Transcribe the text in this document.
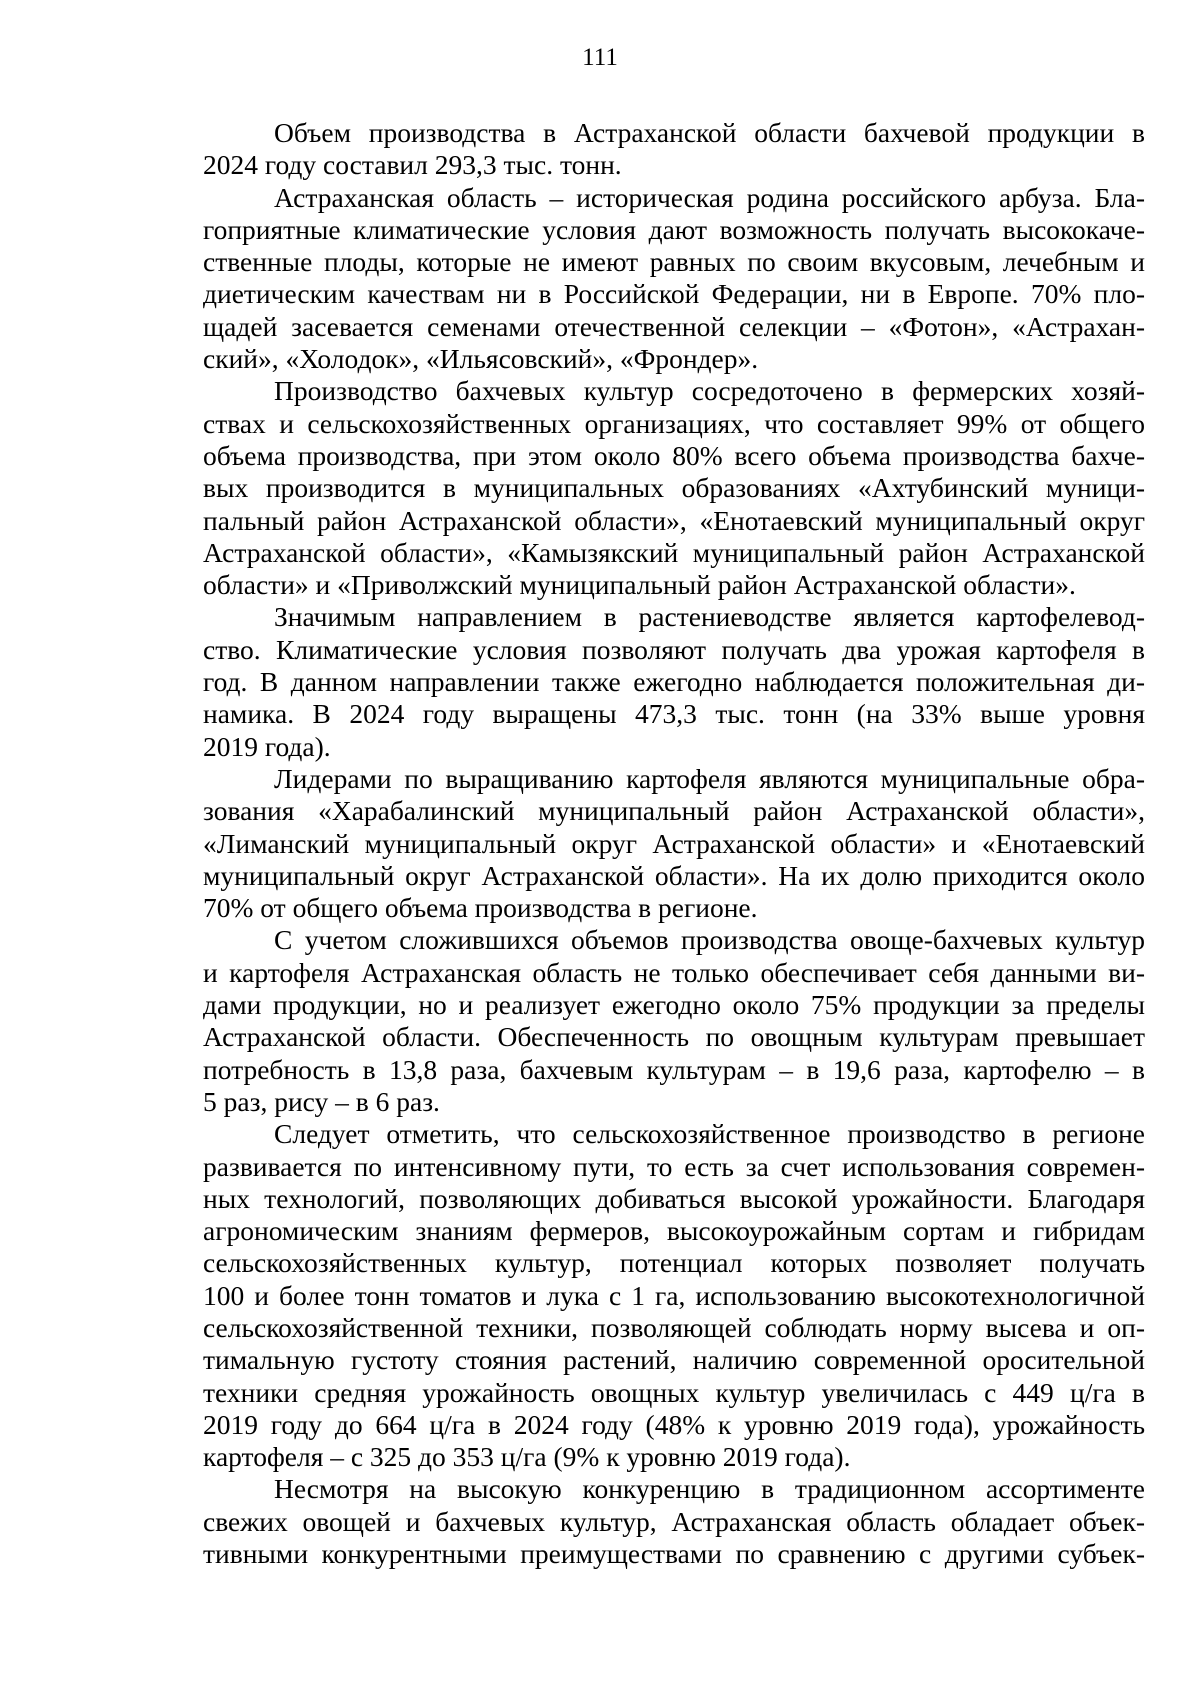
111
Объем производства в Астраханской области бахчевой продукции в
2024 году составил 293,3 тыс. тонн.
Астраханская область – историческая родина российского арбуза. Бла-
гоприятные климатические условия дают возможность получать высококаче-
ственные плоды, которые не имеют равных по своим вкусовым, лечебным и
диетическим качествам ни в Российской Федерации, ни в Европе. 70% пло-
щадей засевается семенами отечественной селекции – «Фотон», «Астрахан-
ский», «Холодок», «Ильясовский», «Фрондер».
Производство бахчевых культур сосредоточено в фермерских хозяй-
ствах и сельскохозяйственных организациях, что составляет 99% от общего
объема производства, при этом около 80% всего объема производства бахче-
вых производится в муниципальных образованиях «Ахтубинский муници-
пальный район Астраханской области», «Енотаевский муниципальный округ
Астраханской области», «Камызякский муниципальный район Астраханской
области» и «Приволжский муниципальный район Астраханской области».
Значимым направлением в растениеводстве является картофелевод-
ство. Климатические условия позволяют получать два урожая картофеля в
год. В данном направлении также ежегодно наблюдается положительная ди-
намика. В 2024 году выращены 473,3 тыс. тонн (на 33% выше уровня
2019 года).
Лидерами по выращиванию картофеля являются муниципальные обра-
зования «Харабалинский муниципальный район Астраханской области»,
«Лиманский муниципальный округ Астраханской области» и «Енотаевский
муниципальный округ Астраханской области». На их долю приходится около
70% от общего объема производства в регионе.
С учетом сложившихся объемов производства овоще-бахчевых культур
и картофеля Астраханская область не только обеспечивает себя данными ви-
дами продукции, но и реализует ежегодно около 75% продукции за пределы
Астраханской области. Обеспеченность по овощным культурам превышает
потребность в 13,8 раза, бахчевым культурам – в 19,6 раза, картофелю – в
5 раз, рису – в 6 раз.
Следует отметить, что сельскохозяйственное производство в регионе
развивается по интенсивному пути, то есть за счет использования современ-
ных технологий, позволяющих добиваться высокой урожайности. Благодаря
агрономическим знаниям фермеров, высокоурожайным сортам и гибридам
сельскохозяйственных культур, потенциал которых позволяет получать
100 и более тонн томатов и лука с 1 га, использованию высокотехнологичной
сельскохозяйственной техники, позволяющей соблюдать норму высева и оп-
тимальную густоту стояния растений, наличию современной оросительной
техники средняя урожайность овощных культур увеличилась с 449 ц/га в
2019 году до 664 ц/га в 2024 году (48% к уровню 2019 года), урожайность
картофеля – с 325 до 353 ц/га (9% к уровню 2019 года).
Несмотря на высокую конкуренцию в традиционном ассортименте
свежих овощей и бахчевых культур, Астраханская область обладает объек-
тивными конкурентными преимуществами по сравнению с другими субъек-
